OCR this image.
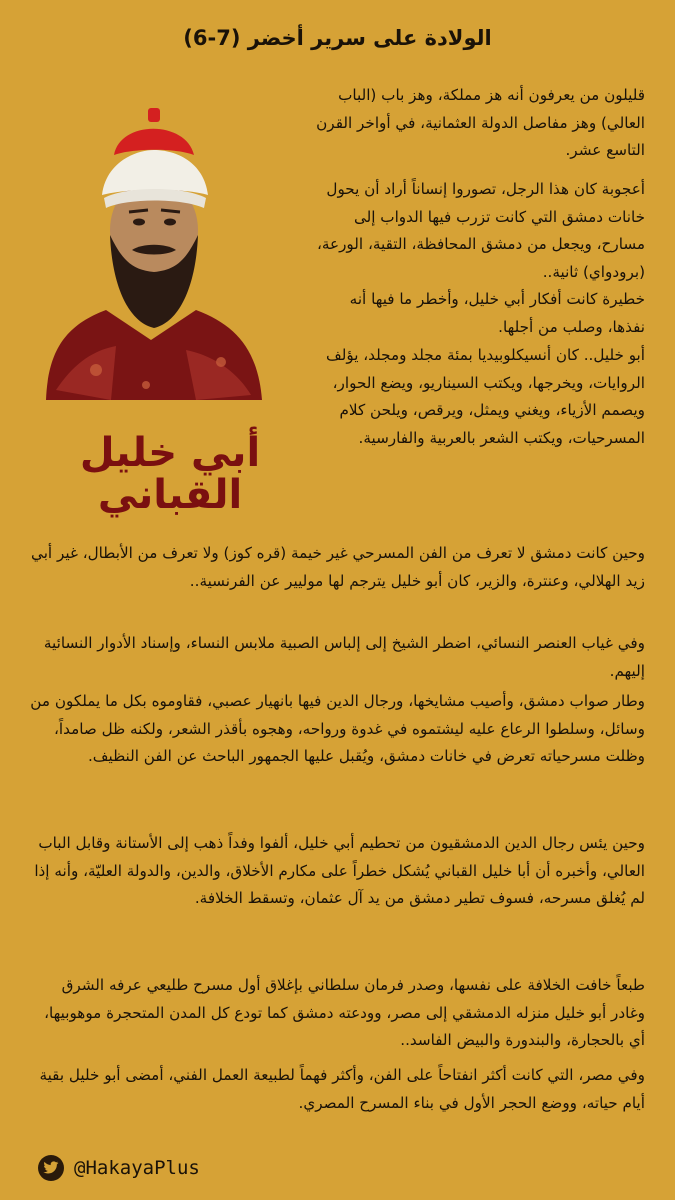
الولادة على سرير أخضر (7-6)
أبي خليل القباني

قليلون من يعرفون أنه هز مملكة، وهز باب (الباب العالي) وهز مفاصل الدولة العثمانية، في أواخر القرن التاسع عشر.

أعجوبة كان هذا الرجل، تصوروا إنساناً أراد أن يحول خانات دمشق التي كانت تزرب فيها الدواب إلى مسارح، ويجعل من دمشق المحافظة، التقية، الورعة، (برودواي) ثانية..

خطيرة كانت أفكار أبي خليل، وأخطر ما فيها أنه نفذها، وصلب من أجلها.

أبو خليل.. كان أنسيكلوبيديا بمئة مجلد ومجلد، يؤلف الروايات، ويخرجها، ويكتب السيناريو، ويضع الحوار، ويصمم الأزياء، ويغني ويمثل، ويرقص، ويلحن كلام المسرحيات، ويكتب الشعر بالعربية والفارسية.

وحين كانت دمشق لا تعرف من الفن المسرحي غير خيمة (قره كوز) ولا تعرف من الأبطال، غير أبي زيد الهلالي، وعنترة، والزير، كان أبو خليل يترجم لها موليير عن الفرنسية..

وفي غياب العنصر النسائي، اضطر الشيخ إلى إلباس الصبية ملابس النساء، وإسناد الأدوار النسائية إليهم.

وطار صواب دمشق، وأصيب مشايخها، ورجال الدين فيها بانهيار عصبي، فقاوموه بكل ما يملكون من وسائل، وسلطوا الرعاع عليه ليشتموه في غدوة ورواحه، وهجوه بأقذر الشعر، ولكنه ظل صامداً، وظلت مسرحياته تعرض في خانات دمشق، ويُقبل عليها الجمهور الباحث عن الفن النظيف.

وحين يئس رجال الدين الدمشقيون من تحطيم أبي خليل، ألفوا وفداً ذهب إلى الأستانة وقابل الباب العالي، وأخبره أن أبا خليل القباني يُشكل خطراً على مكارم الأخلاق، والدين، والدولة العليّة، وأنه إذا لم يُغلق مسرحه، فسوف تطير دمشق من يد آل عثمان، وتسقط الخلافة.

طبعاً خافت الخلافة على نفسها، وصدر فرمان سلطاني بإغلاق أول مسرح طليعي عرفه الشرق وغادر أبو خليل منزله الدمشقي إلى مصر، وودعته دمشق كما تودع كل المدن المتحجرة موهوبيها، أي بالحجارة، والبندورة والبيض الفاسد..

وفي مصر، التي كانت أكثر انفتاحاً على الفن، وأكثر فهماً لطبيعة العمل الفني، أمضى أبو خليل بقية أيام حياته، ووضع الحجر الأول في بناء المسرح المصري.

@HakayaPlus
